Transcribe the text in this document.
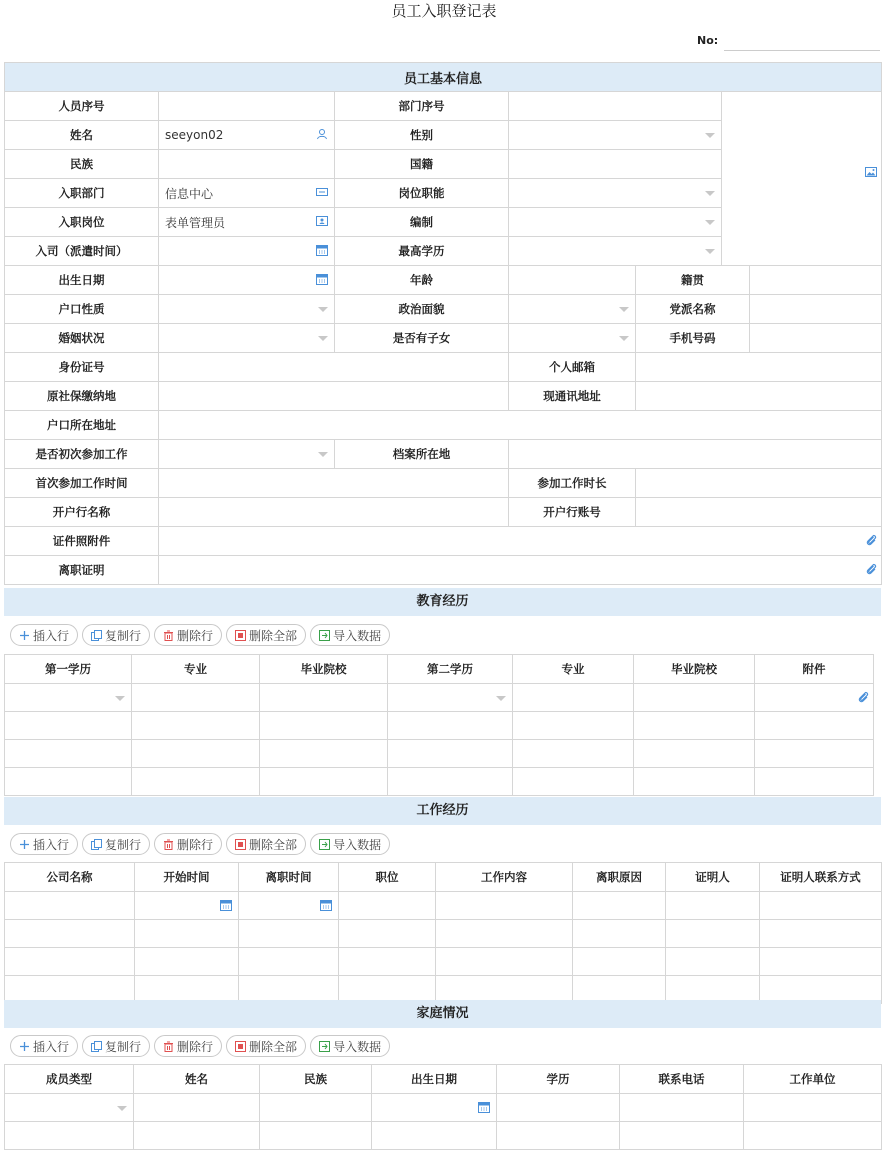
员工入职登记表
No:
员工基本信息						
人员序号		部门序号		

姓名	seeyon02	性别				

民族		国籍				
入职部门	信息中心	岗位职能				

入职岗位	表单管理员	编制				

入司（派遣时间）		最高学历				

出生日期		年龄		籍贯		
户口性质		政治面貌		党派名称		
婚姻状况		是否有子女		手机号码		
身份证号			个人邮箱			
原社保缴纳地			现通讯地址			
户口所在地址						
是否初次参加工作		档案所在地				
首次参加工作时间			参加工作时长			
开户行名称			开户行账号			
证件照附件	

离职证明	
教育经历
插入行	复制行	删除行	删除全部	导入数据
第一学历	专业	毕业院校	第二学历	专业	毕业院校	附件

工作经历
插入行	复制行	删除行	删除全部	导入数据
公司名称	开始时间	离职时间	职位	工作内容	离职原因	证明人	证明人联系方式

家庭情况
插入行	复制行	删除行	删除全部	导入数据
成员类型	姓名	民族	出生日期	学历	联系电话	工作单位
